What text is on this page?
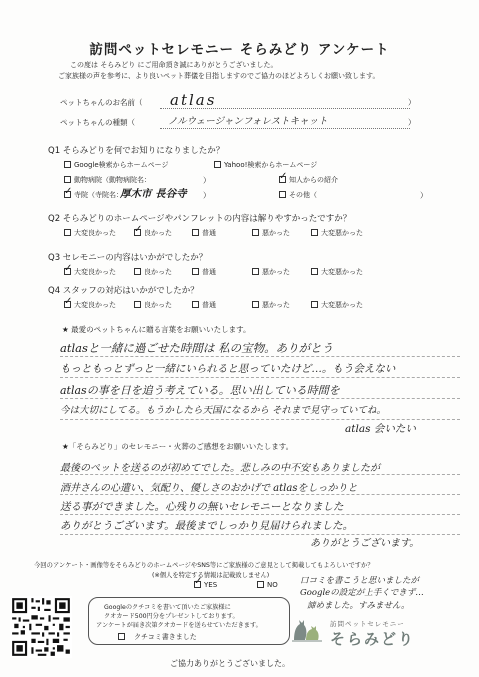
訪問ペットセレモニー そらみどり アンケート
この度は そらみどり にご用命頂き誠にありがとうございました。
ご家族様の声を参考に、より良いペット葬儀を目指しますのでご協力のほどよろしくお願い致します。
ペットちゃんのお名前（ atlas	）
ペットちゃんの種類（	ノルウェージャンフォレストキャット	）
Q1 そらみどりを何でお知りになりましたか？
Google検索からホームページ	Yahoo!検索からホームページ
動物病院（動物病院名：	）	✓ 知人からの紹介
✓ 寺院（寺院名：
厚木市 長谷寺 ）	その他（	）
Q2 そらみどりのホームページやパンフレットの内容は解りやすかったですか？
大変良かった ✓ 良かった	普通	悪かった	大変悪かった
Q3 セレモニーの内容はいかがでしたか？
✓ 大変良かった	良かった	普通	悪かった	大変悪かった
Q4 スタッフの対応はいかがでしたか？
✓ 大変良かった	良かった	普通	悪かった	大変悪かった
★ 最愛のペットちゃんに贈る言葉をお願いいたします。
atlasと一緒に過ごせた時間は 私の宝物。ありがとう
もっともっとずっと一緒にいられると思っていたけど…。もう会えない
atlasの事を日を追う考えている。思い出している時間を
今は大切にしてる。もうかしたら天国になるから それまで見守っていてね。
atlas 会いたい
★「そらみどり」のセレモニー・火葬のご感想をお願いいたします。
最後のペットを送るのが初めてでした。悲しみの中不安もありましたが
酒井さんの心遣い、気配り、優しさのおかげで atlasをしっかりと
送る事ができました。心残りの無いセレモニーとなりました
ありがとうございます。最後までしっかり見届けられました。
ありがとうございます。
今回のアンケート・画像等をそらみどりのホームページやSNS等にご家族様のご意見として掲載してもよろしいですか？
(※個人を特定する情報は記載致しません)
✓ YES	NO
Googleのクチコミを書いて頂いたご家族様に
クオカード500円分をプレゼントしております。
アンケートが届き次第クオカードを送らせていただきます。
クチコミ書きました
口コミを書こうと思いましたが
Googleの設定が上手くできず…
諦めました。すみません。
訪問ペットセレモニー
そらみどり
ご協力ありがとうございました。
